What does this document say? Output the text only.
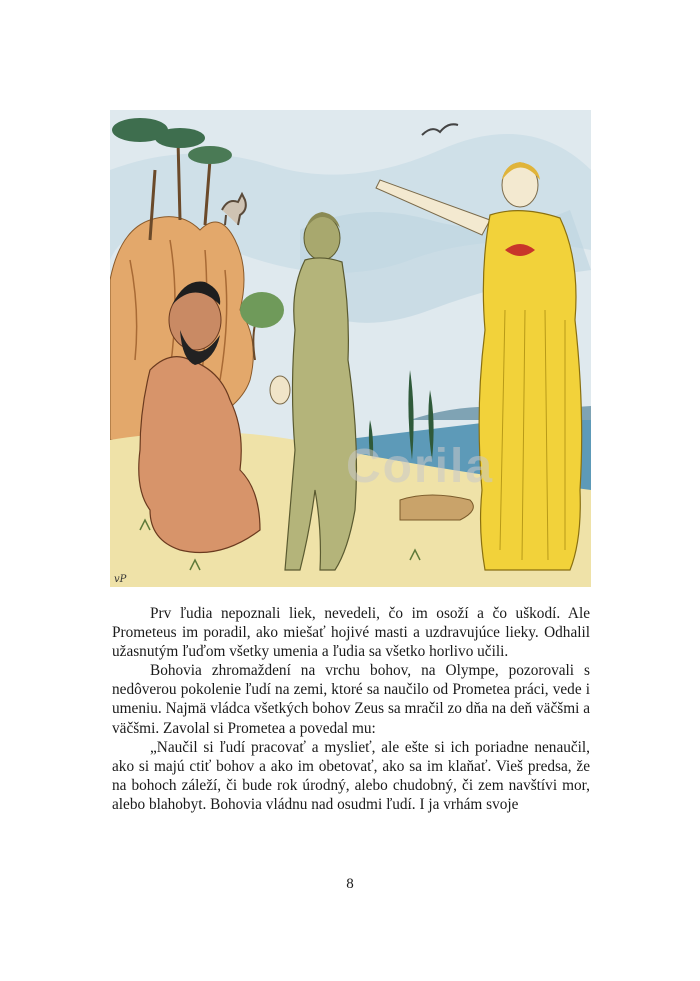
Corila
vP

Prv ľudia nepoznali liek, nevedeli, čo im osoží a čo uškodí. Ale Prometeus im poradil, ako miešať hojivé masti a uzdravujúce lieky. Odhalil užasnutým ľuďom všetky umenia a ľudia sa všetko horlivo učili.

Bohovia zhromaždení na vrchu bohov, na Olympe, pozorovali s nedôverou pokolenie ľudí na zemi, ktoré sa naučilo od Prometea práci, vede i umeniu. Najmä vládca všetkých bohov Zeus sa mračil zo dňa na deň väčšmi a väčšmi. Zavolal si Prometea a povedal mu:

„Naučil si ľudí pracovať a myslieť, ale ešte si ich poriadne nenaučil, ako si majú ctiť bohov a ako im obetovať, ako sa im klaňať. Vieš predsa, že na bohoch záleží, či bude rok úrodný, alebo chudobný, či zem navštívi mor, alebo blahobyt. Bohovia vládnu nad osudmi ľudí. I ja vrhám svoje

8
